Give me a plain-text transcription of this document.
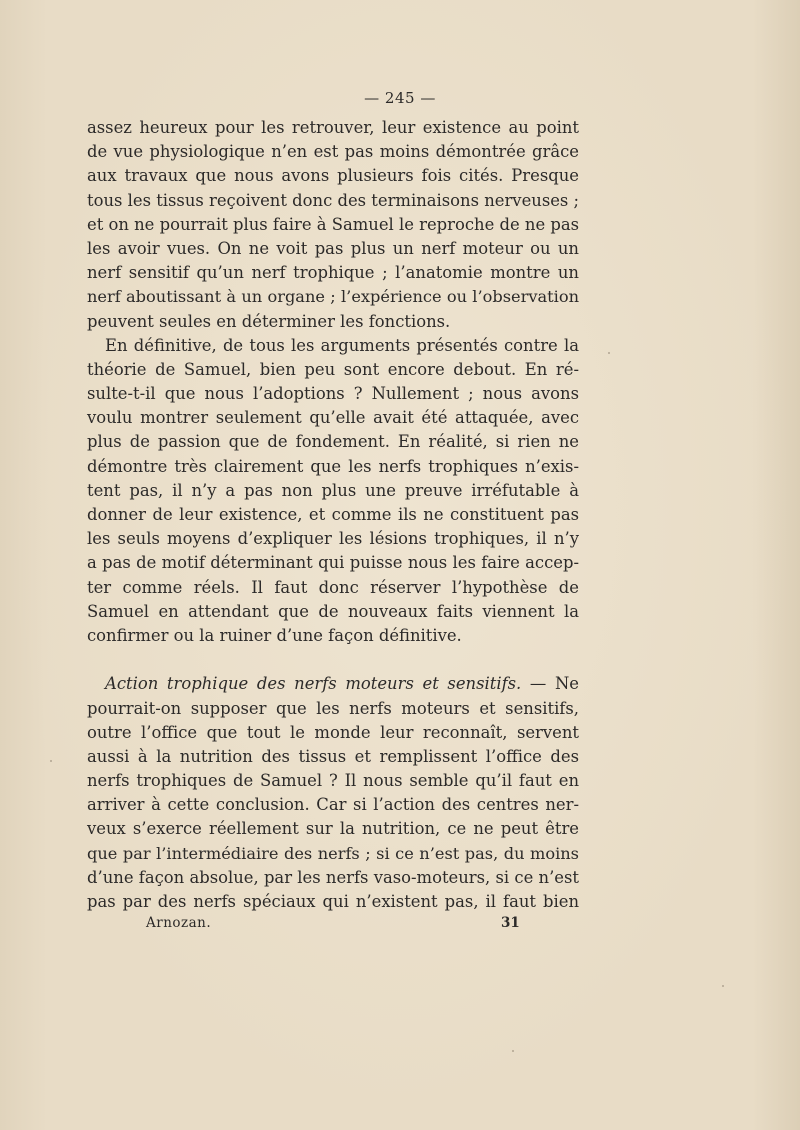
— 245 —
assez heureux pour les retrouver, leur existence au point
de vue physiologique n’en est pas moins démontrée grâce
aux travaux que nous avons plusieurs fois cités. Presque
tous les tissus reçoivent donc des terminaisons nerveuses ;
et on ne pourrait plus faire à Samuel le reproche de ne pas
les avoir vues. On ne voit pas plus un nerf moteur ou un
nerf sensitif qu’un nerf trophique ; l’anatomie montre un
nerf aboutissant à un organe ; l’expérience ou l’observation
peuvent seules en déterminer les fonctions.
En définitive, de tous les arguments présentés contre la
théorie de Samuel, bien peu sont encore debout. En ré-
sulte-t-il que nous l’adoptions ? Nullement ; nous avons
voulu montrer seulement qu’elle avait été attaquée, avec
plus de passion que de fondement. En réalité, si rien ne
démontre très clairement que les nerfs trophiques n’exis-
tent pas, il n’y a pas non plus une preuve irréfutable à
donner de leur existence, et comme ils ne constituent pas
les seuls moyens d’expliquer les lésions trophiques, il n’y
a pas de motif déterminant qui puisse nous les faire accep-
ter comme réels. Il faut donc réserver l’hypothèse de
Samuel en attendant que de nouveaux faits viennent la
confirmer ou la ruiner d’une façon définitive.
Action trophique des nerfs moteurs et sensitifs. — Ne
pourrait-on supposer que les nerfs moteurs et sensitifs,
outre l’office que tout le monde leur reconnaît, servent
aussi à la nutrition des tissus et remplissent l’office des
nerfs trophiques de Samuel ? Il nous semble qu’il faut en
arriver à cette conclusion. Car si l’action des centres ner-
veux s’exerce réellement sur la nutrition, ce ne peut être
que par l’intermédiaire des nerfs ; si ce n’est pas, du moins
d’une façon absolue, par les nerfs vaso-moteurs, si ce n’est
pas par des nerfs spéciaux qui n’existent pas, il faut bien
Arnozan.	31
